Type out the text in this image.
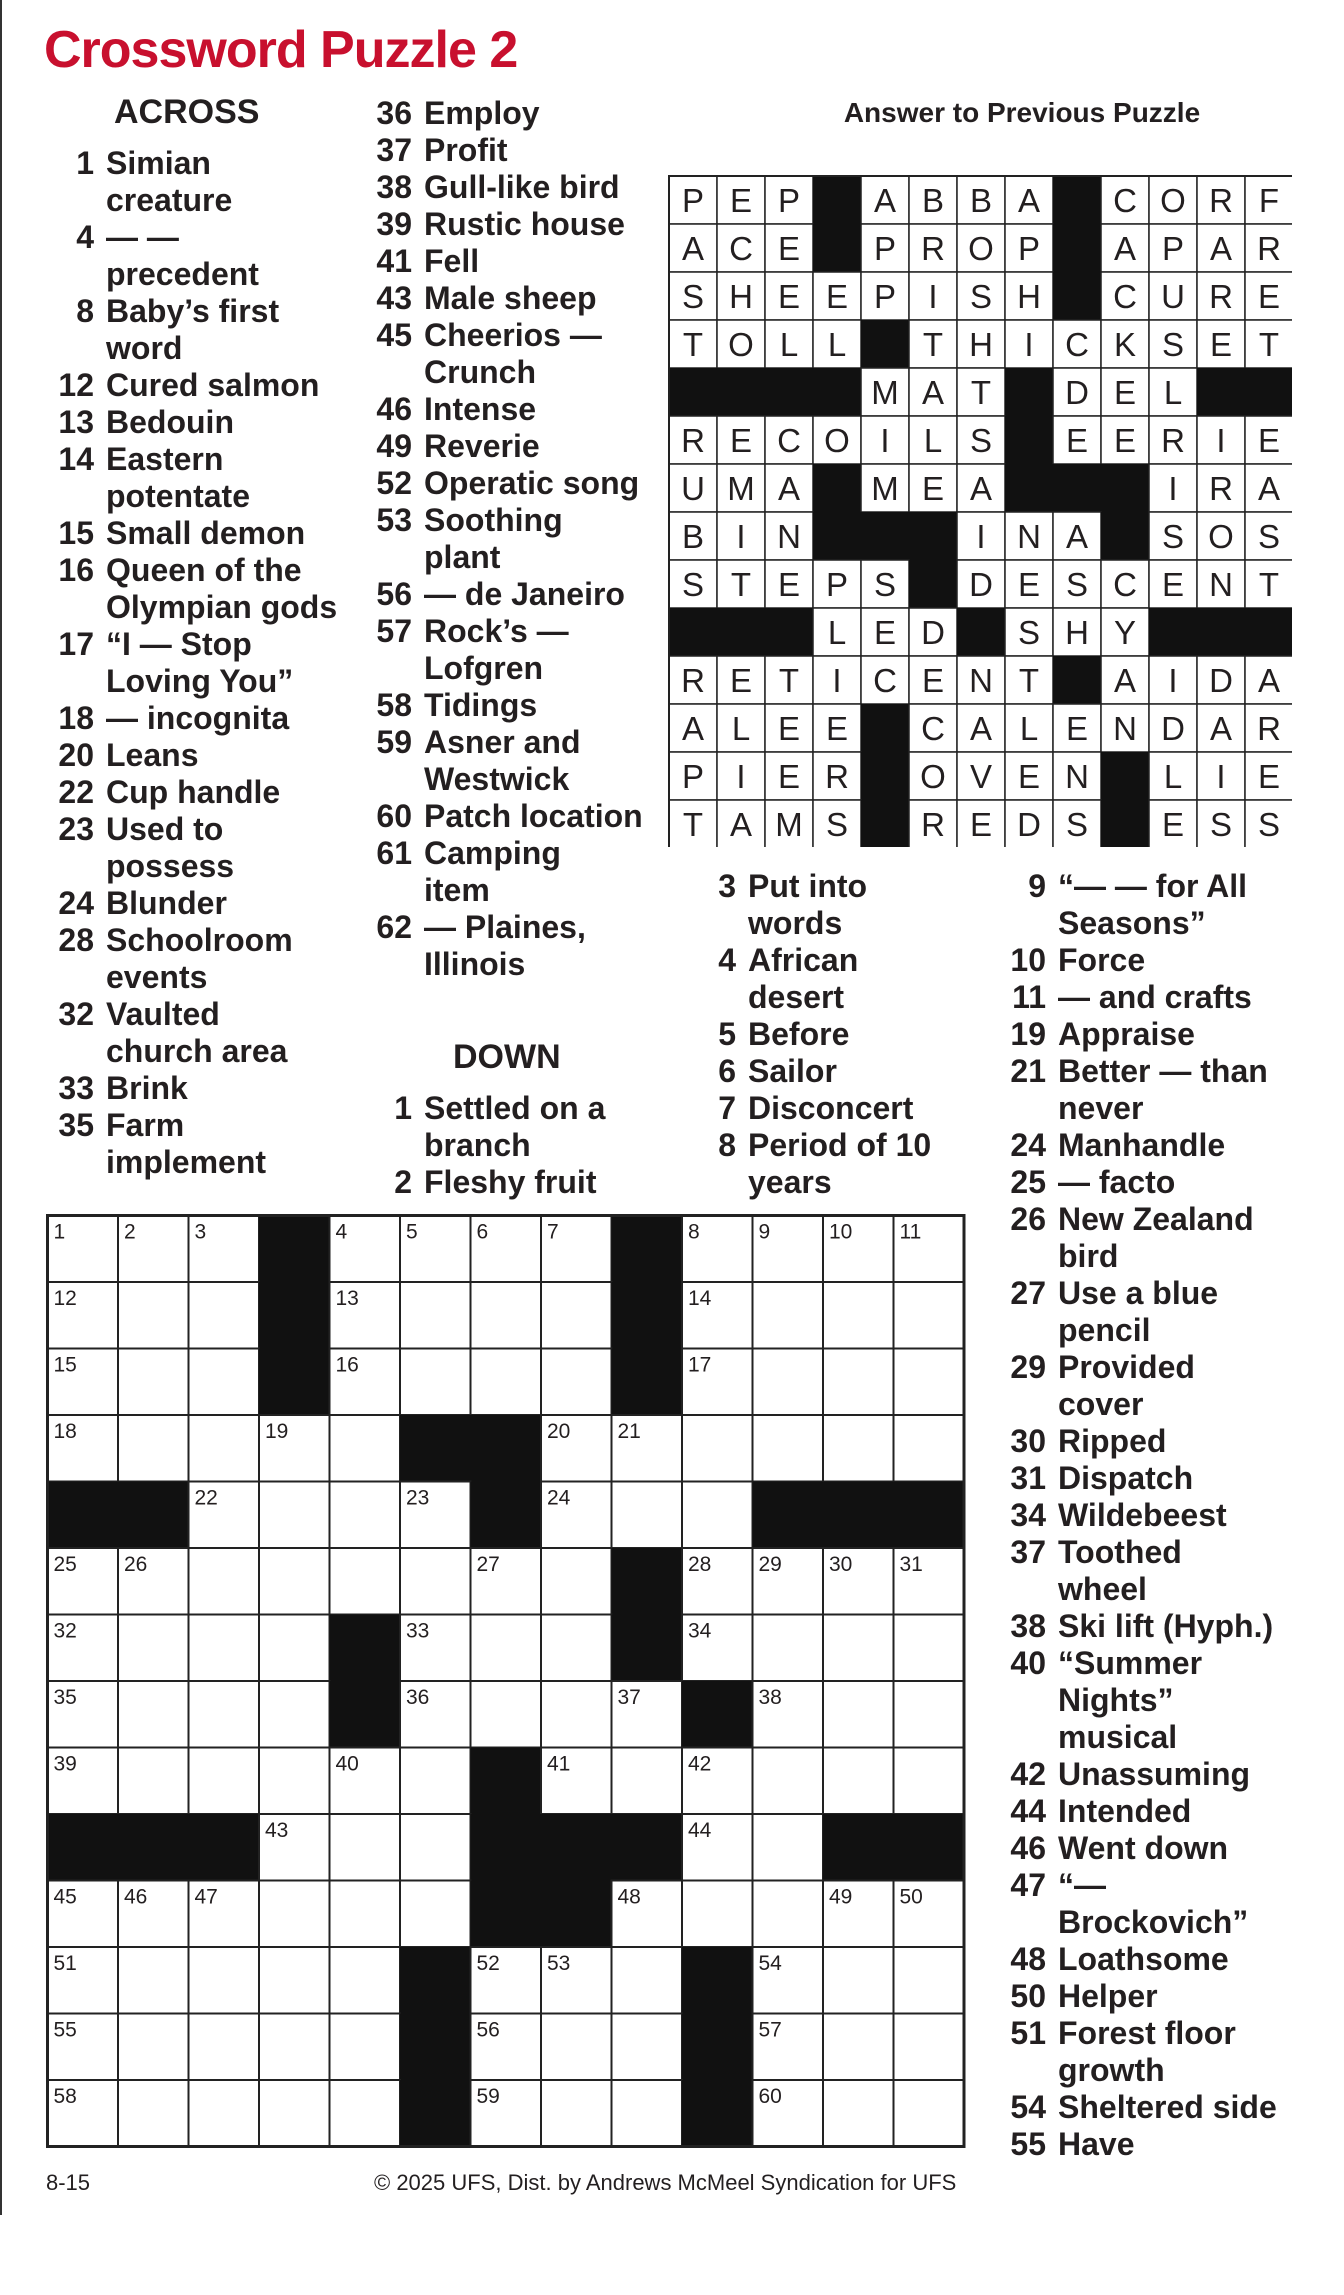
Crossword Puzzle 2
ACROSS
DOWN
Answer to Previous Puzzle
1 Simian
creature
4 — —
precedent
8 Baby’s first
word
12 Cured salmon
13 Bedouin
14 Eastern
potentate
15 Small demon
16 Queen of the
Olympian gods
17 “I — Stop
Loving You”
18 — incognita
20 Leans
22 Cup handle
23 Used to
possess
24 Blunder
28 Schoolroom
events
32 Vaulted
church area
33 Brink
35 Farm
implement
36 Employ
37 Profit
38 Gull-like bird
39 Rustic house
41 Fell
43 Male sheep
45 Cheerios —
Crunch
46 Intense
49 Reverie
52 Operatic song
53 Soothing
plant
56 — de Janeiro
57 Rock’s —
Lofgren
58 Tidings
59 Asner and
Westwick
60 Patch location
61 Camping
item
62 — Plaines,
Illinois
1 Settled on a
branch
2 Fleshy fruit
3 Put into
words
4 African
desert
5 Before
6 Sailor
7 Disconcert
8 Period of 10
years
9 “— — for All
Seasons”
10 Force
11 — and crafts
19 Appraise
21 Better — than
never
24 Manhandle
25 — facto
26 New Zealand
bird
27 Use a blue
pencil
29 Provided
cover
30 Ripped
31 Dispatch
34 Wildebeest
37 Toothed
wheel
38 Ski lift (Hyph.)
40 “Summer
Nights”
musical
42 Unassuming
44 Intended
46 Went down
47 “—
Brockovich”
48 Loathsome
50 Helper
51 Forest floor
growth
54 Sheltered side
55 Have
P E P A B B A C O R F
A C E P R O P A P A R
S H E E P I S H C U R E
T O L L T H I C K S E T
M A T D E L
R E C O I L S E E R I E
U M A M E A	I R A
B I N	I N A S O S
S T E P S D E S C E N T
L E D S H Y
R E T I C E N T A I D A
A L E E C A L E N D A R
P I E R O V E N L I E
T A M S R E D S E S S
1	2	3	4	5	6	7	8	9	10 11
12	13	14
15	16	17
18	19	20 21
22	23	24
25 26	27	28 29 30 31
32	33	34
35	36	37	38
39	40	41	42
43	44
45 46 47	48	49 50
51	52 53	54
55	56	57
58	59	60
8-15	© 2025 UFS, Dist. by Andrews McMeel Syndication for UFS
